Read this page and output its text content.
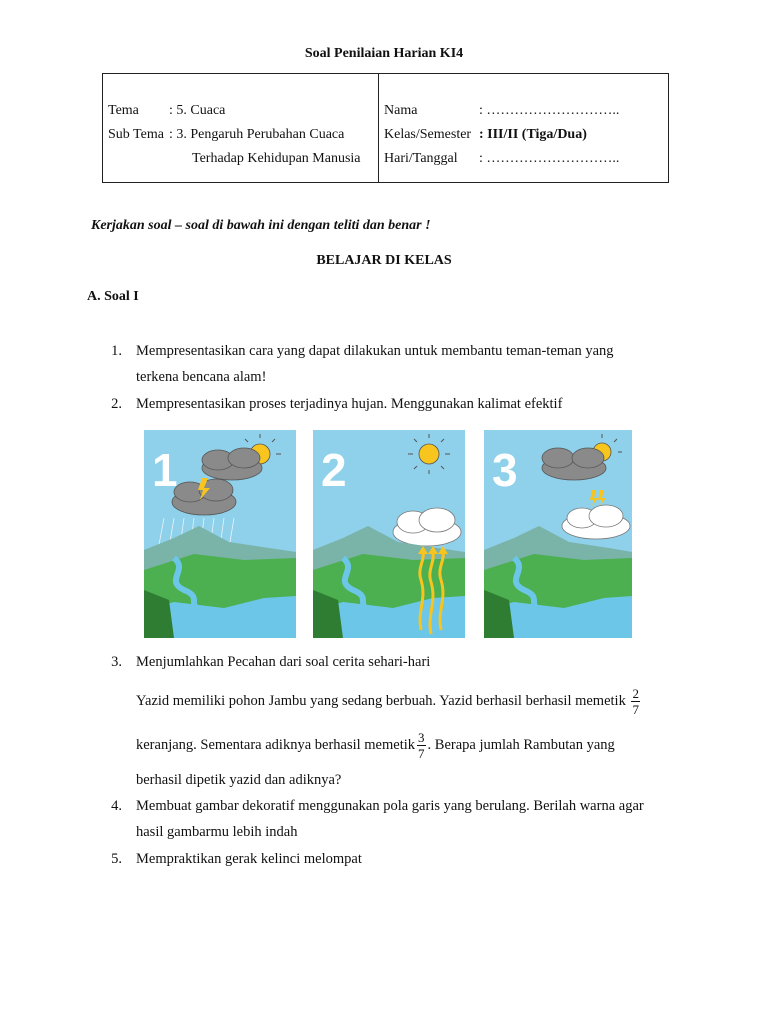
Soal Penilaian Harian KI4
Tema : 5. Cuaca
Sub Tema : 3. Pengaruh Perubahan Cuaca
Terhadap Kehidupan Manusia
Nama	: ………………………..
Kelas/Semester : III/II (Tiga/Dua)
Hari/Tanggal : ………………………..
Kerjakan soal – soal di bawah ini dengan teliti dan benar !
BELAJAR DI KELAS
A. Soal I
1. Mempresentasikan cara yang dapat dilakukan untuk membantu teman-teman yang
terkena bencana alam!
2. Mempresentasikan proses terjadinya hujan. Menggunakan kalimat efektif
1	2	3
3. Menjumlahkan Pecahan dari soal cerita sehari-hari
Yazid memiliki pohon Jambu yang sedang berbuah. Yazid berhasil berhasil memetik $\frac{2}{7}$
keranjang. Sementara adiknya berhasil memetik $\frac{3}{7}$ . Berapa jumlah Rambutan yang
berhasil dipetik yazid dan adiknya?
4. Membuat gambar dekoratif menggunakan pola garis yang berulang. Berilah warna agar
hasil gambarmu lebih indah
5. Mempraktikan gerak kelinci melompat
